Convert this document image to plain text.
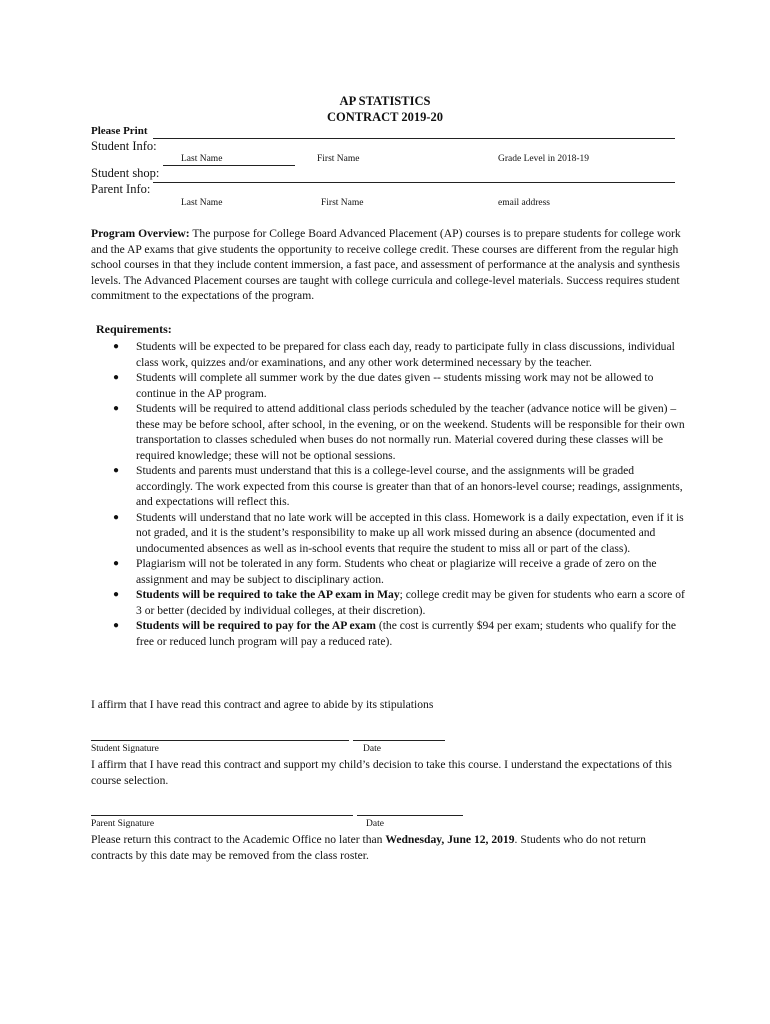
AP STATISTICS
CONTRACT 2019-20
Please Print
Student Info:
Last Name	First Name	Grade Level in 2018-19
Student shop:
Parent Info:
Last Name	First Name	email address
Program Overview: The purpose for College Board Advanced Placement (AP) courses is to prepare students for college work and the AP exams that give students the opportunity to receive college credit. These courses are different from the regular high school courses in that they include content immersion, a fast pace, and assessment of performance at the analysis and synthesis levels. The Advanced Placement courses are taught with college curricula and college-level materials. Success requires student commitment to the expectations of the program.
Requirements:
● Students will be expected to be prepared for class each day, ready to participate fully in class discussions, individual class work, quizzes and/or examinations, and any other work determined necessary by the teacher.
● Students will complete all summer work by the due dates given -- students missing work may not be allowed to continue in the AP program.
● Students will be required to attend additional class periods scheduled by the teacher (advance notice will be given) – these may be before school, after school, in the evening, or on the weekend. Students will be responsible for their own transportation to classes scheduled when buses do not normally run. Material covered during these classes will be required knowledge; these will not be optional sessions.
● Students and parents must understand that this is a college-level course, and the assignments will be graded accordingly. The work expected from this course is greater than that of an honors-level course; readings, assignments, and expectations will reflect this.
● Students will understand that no late work will be accepted in this class. Homework is a daily expectation, even if it is not graded, and it is the student’s responsibility to make up all work missed during an absence (documented and undocumented absences as well as in-school events that require the student to miss all or part of the class).
● Plagiarism will not be tolerated in any form. Students who cheat or plagiarize will receive a grade of zero on the assignment and may be subject to disciplinary action.
● Students will be required to take the AP exam in May; college credit may be given for students who earn a score of 3 or better (decided by individual colleges, at their discretion).
● Students will be required to pay for the AP exam (the cost is currently $94 per exam; students who qualify for the free or reduced lunch program will pay a reduced rate).
I affirm that I have read this contract and agree to abide by its stipulations
Student Signature	Date
I affirm that I have read this contract and support my child’s decision to take this course. I understand the expectations of this course selection.
Parent Signature	Date
Please return this contract to the Academic Office no later than Wednesday, June 12, 2019. Students who do not return contracts by this date may be removed from the class roster.
